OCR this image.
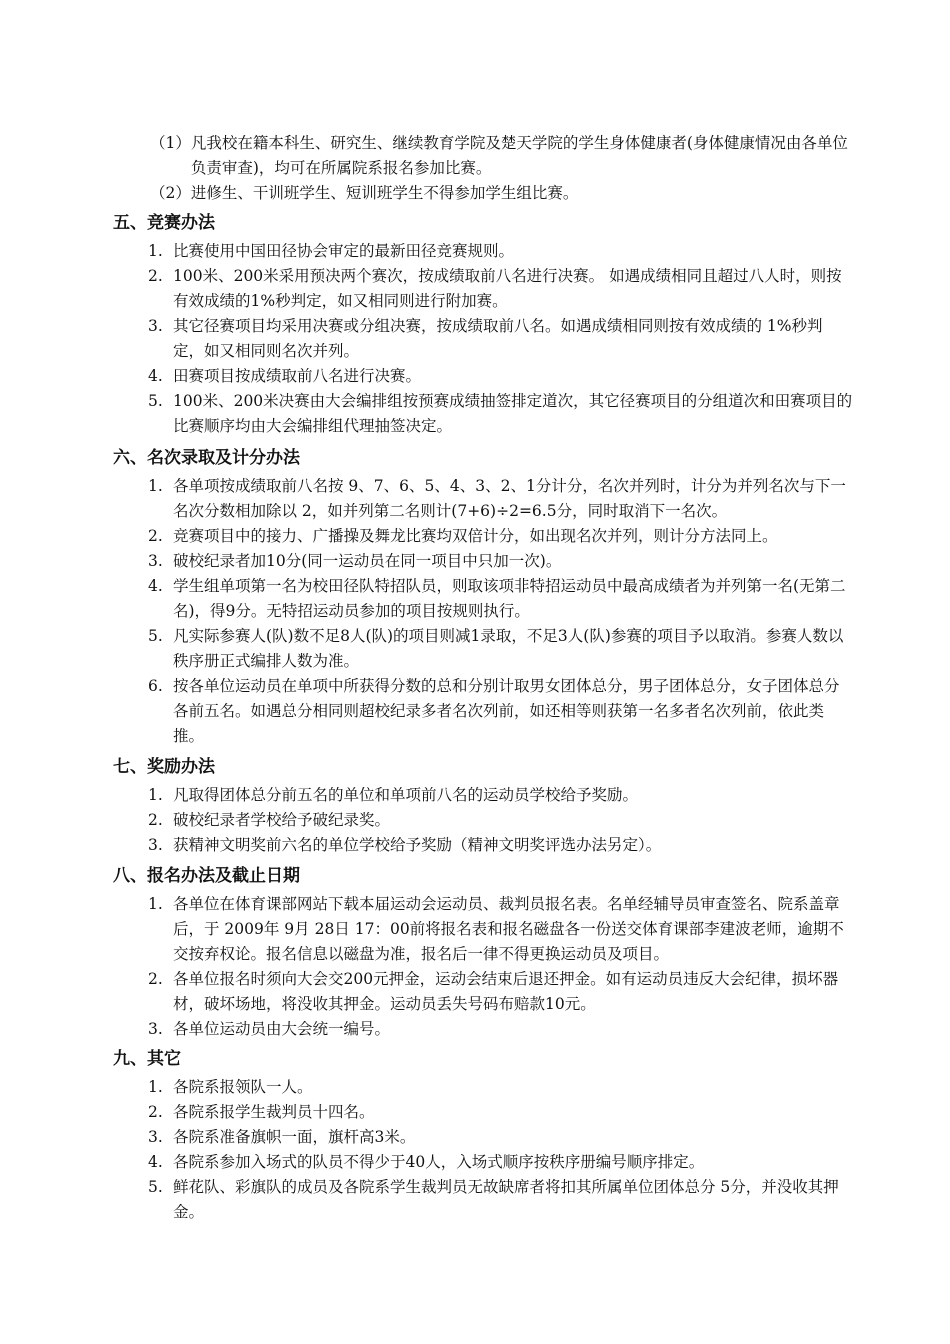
（1） 凡我校在籍本科生、研究生、继续教育学院及楚天学院的学生身体健康者(身体健康情况由各单位负责审查)，均可在所属院系报名参加比赛。
（2） 进修生、干训班学生、短训班学生不得参加学生组比赛。
五、竞赛办法
1. 比赛使用中国田径协会审定的最新田径竞赛规则。
2. 100米、200米采用预决两个赛次，按成绩取前八名进行决赛。 如遇成绩相同且超过八人时，则按有效成绩的1%秒判定，如又相同则进行附加赛。
3. 其它径赛项目均采用决赛或分组决赛，按成绩取前八名。如遇成绩相同则按有效成绩的 1%秒判定，如又相同则名次并列。
4. 田赛项目按成绩取前八名进行决赛。
5. 100米、200米决赛由大会编排组按预赛成绩抽签排定道次，其它径赛项目的分组道次和田赛项目的比赛顺序均由大会编排组代理抽签决定。
六、名次录取及计分办法
1. 各单项按成绩取前八名按 9、7、6、5、4、3、2、1分计分，名次并列时，计分为并列名次与下一名次分数相加除以 2，如并列第二名则计(7+6)÷2=6.5分，同时取消下一名次。
2. 竞赛项目中的接力、广播操及舞龙比赛均双倍计分，如出现名次并列，则计分方法同上。
3. 破校纪录者加10分(同一运动员在同一项目中只加一次)。
4. 学生组单项第一名为校田径队特招队员，则取该项非特招运动员中最高成绩者为并列第一名(无第二名)，得9分。无特招运动员参加的项目按规则执行。
5. 凡实际参赛人(队)数不足8人(队)的项目则减1录取，不足3人(队)参赛的项目予以取消。参赛人数以秩序册正式编排人数为准。
6. 按各单位运动员在单项中所获得分数的总和分别计取男女团体总分，男子团体总分，女子团体总分各前五名。如遇总分相同则超校纪录多者名次列前，如还相等则获第一名多者名次列前，依此类推。
七、奖励办法
1. 凡取得团体总分前五名的单位和单项前八名的运动员学校给予奖励。
2. 破校纪录者学校给予破纪录奖。
3. 获精神文明奖前六名的单位学校给予奖励（精神文明奖评选办法另定）。
八、报名办法及截止日期
1. 各单位在体育课部网站下载本届运动会运动员、裁判员报名表。名单经辅导员审查签名、院系盖章后，于 2009年 9月 28日 17：00前将报名表和报名磁盘各一份送交体育课部李建波老师，逾期不交按弃权论。报名信息以磁盘为准，报名后一律不得更换运动员及项目。
2. 各单位报名时须向大会交200元押金，运动会结束后退还押金。如有运动员违反大会纪律，损坏器材，破坏场地，将没收其押金。运动员丢失号码布赔款10元。
3. 各单位运动员由大会统一编号。
九、其它
1. 各院系报领队一人。
2. 各院系报学生裁判员十四名。
3. 各院系准备旗帜一面，旗杆高3米。
4. 各院系参加入场式的队员不得少于40人，入场式顺序按秩序册编号顺序排定。
5. 鲜花队、彩旗队的成员及各院系学生裁判员无故缺席者将扣其所属单位团体总分 5分，并没收其押金。
